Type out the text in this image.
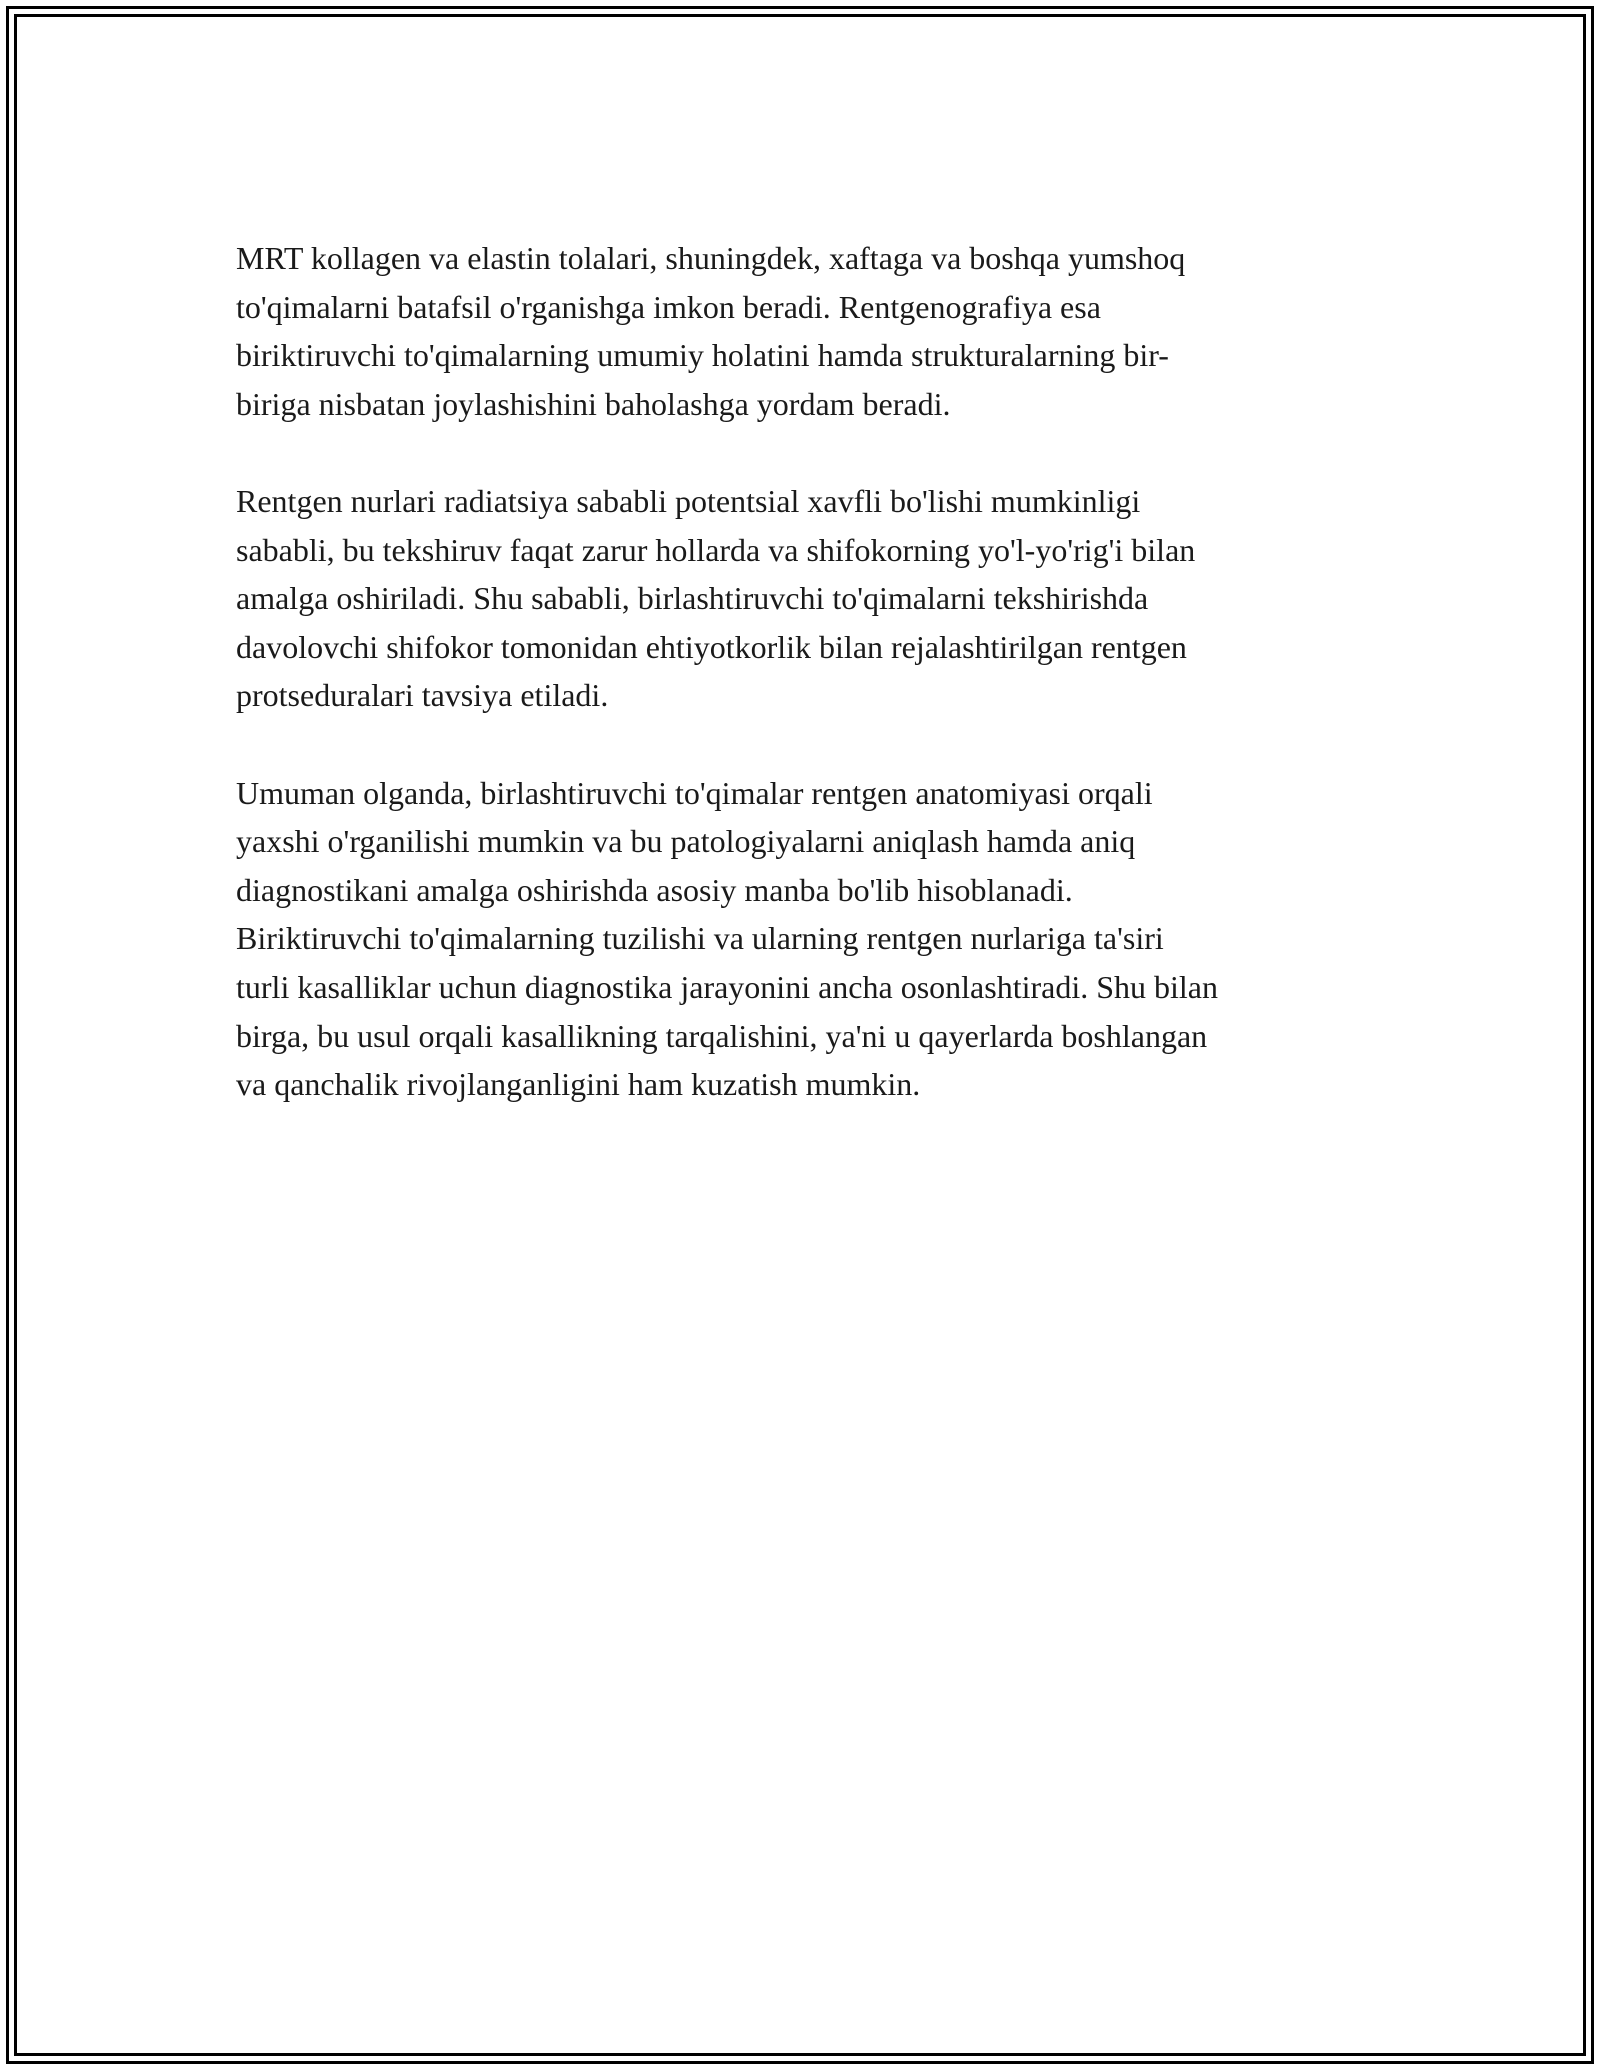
MRT kollagen va elastin tolalari, shuningdek, xaftaga va boshqa yumshoq
to'qimalarni batafsil o'rganishga imkon beradi. Rentgenografiya esa
biriktiruvchi to'qimalarning umumiy holatini hamda strukturalarning bir-
biriga nisbatan joylashishini baholashga yordam beradi.

Rentgen nurlari radiatsiya sababli potentsial xavfli bo'lishi mumkinligi
sababli, bu tekshiruv faqat zarur hollarda va shifokorning yo'l-yo'rig'i bilan
amalga oshiriladi. Shu sababli, birlashtiruvchi to'qimalarni tekshirishda
davolovchi shifokor tomonidan ehtiyotkorlik bilan rejalashtirilgan rentgen
protseduralari tavsiya etiladi.

Umuman olganda, birlashtiruvchi to'qimalar rentgen anatomiyasi orqali
yaxshi o'rganilishi mumkin va bu patologiyalarni aniqlash hamda aniq
diagnostikani amalga oshirishda asosiy manba bo'lib hisoblanadi.
Biriktiruvchi to'qimalarning tuzilishi va ularning rentgen nurlariga ta'siri
turli kasalliklar uchun diagnostika jarayonini ancha osonlashtiradi. Shu bilan
birga, bu usul orqali kasallikning tarqalishini, ya'ni u qayerlarda boshlangan
va qanchalik rivojlanganligini ham kuzatish mumkin.
